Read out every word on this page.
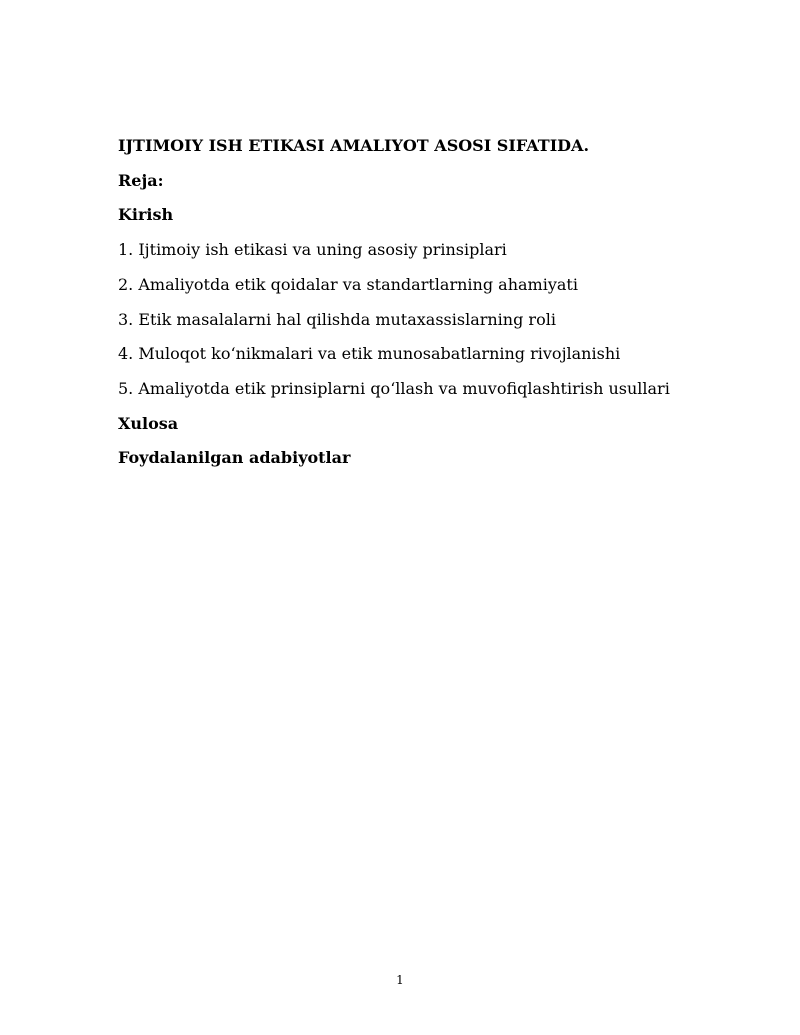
IJTIMOIY ISH ETIKASI AMALIYOT ASOSI SIFATIDA.

Reja:

Kirish

1. Ijtimoiy ish etikasi va uning asosiy prinsiplari

2. Amaliyotda etik qoidalar va standartlarning ahamiyati

3. Etik masalalarni hal qilishda mutaxassislarning roli

4. Muloqot ko‘nikmalari va etik munosabatlarning rivojlanishi

5. Amaliyotda etik prinsiplarni qo‘llash va muvofiqlashtirish usullari

Xulosa

Foydalanilgan adabiyotlar

1
